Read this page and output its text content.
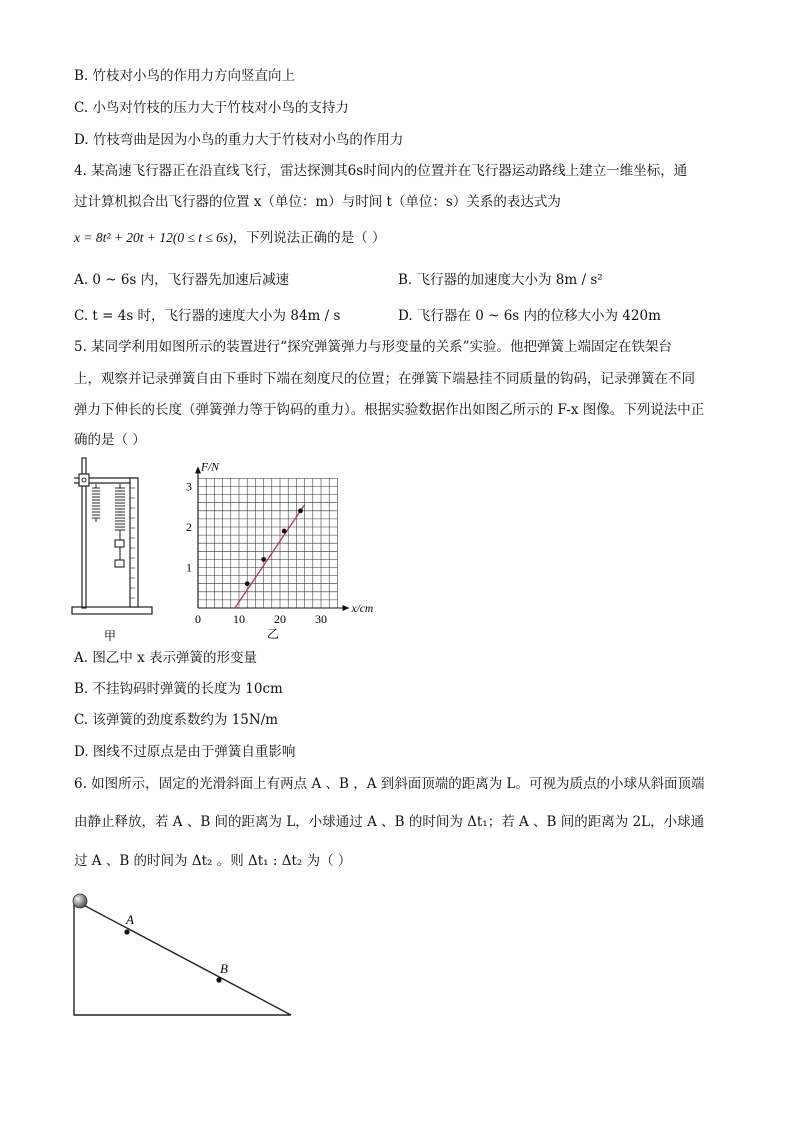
B. 竹枝对小鸟的作用力方向竖直向上
C. 小鸟对竹枝的压力大于竹枝对小鸟的支持力
D. 竹枝弯曲是因为小鸟的重力大于竹枝对小鸟的作用力
4. 某高速飞行器正在沿直线飞行，雷达探测其6s时间内的位置并在飞行器运动路线上建立一维坐标，通
过计算机拟合出飞行器的位置 x（单位：m）与时间 t（单位：s）关系的表达式为
x = 8t² + 20t + 12(0 ≤ t ≤ 6s)，下列说法正确的是（ ）
A. 0 ~ 6s 内，飞行器先加速后减速	B. 飞行器的加速度大小为 8m / s²
C. t = 4s 时，飞行器的速度大小为 84m / s	D. 飞行器在 0 ~ 6s 内的位移大小为 420m
5. 某同学利用如图所示的装置进行“探究弹簧弹力与形变量的关系”实验。他把弹簧上端固定在铁架台
上，观察并记录弹簧自由下垂时下端在刻度尺的位置；在弹簧下端悬挂不同质量的钩码，记录弹簧在不同
弹力下伸长的长度（弹簧弹力等于钩码的重力）。根据实验数据作出如图乙所示的 F-x 图像。下列说法中正
确的是（ ）
甲
0	10 20 30
1
2
3
x/cm
F/N
乙
A. 图乙中 x 表示弹簧的形变量
B. 不挂钩码时弹簧的长度为 10cm
C. 该弹簧的劲度系数约为 15N/m
D. 图线不过原点是由于弹簧自重影响
6. 如图所示，固定的光滑斜面上有两点 A 、B ，A 到斜面顶端的距离为 L。可视为质点的小球从斜面顶端
由静止释放，若 A 、B 间的距离为 L，小球通过 A 、B 的时间为 Δt₁；若 A 、B 间的距离为 2L，小球通
过 A 、B 的时间为 Δt₂ 。则 Δt₁ : Δt₂ 为（ ）
A
B
